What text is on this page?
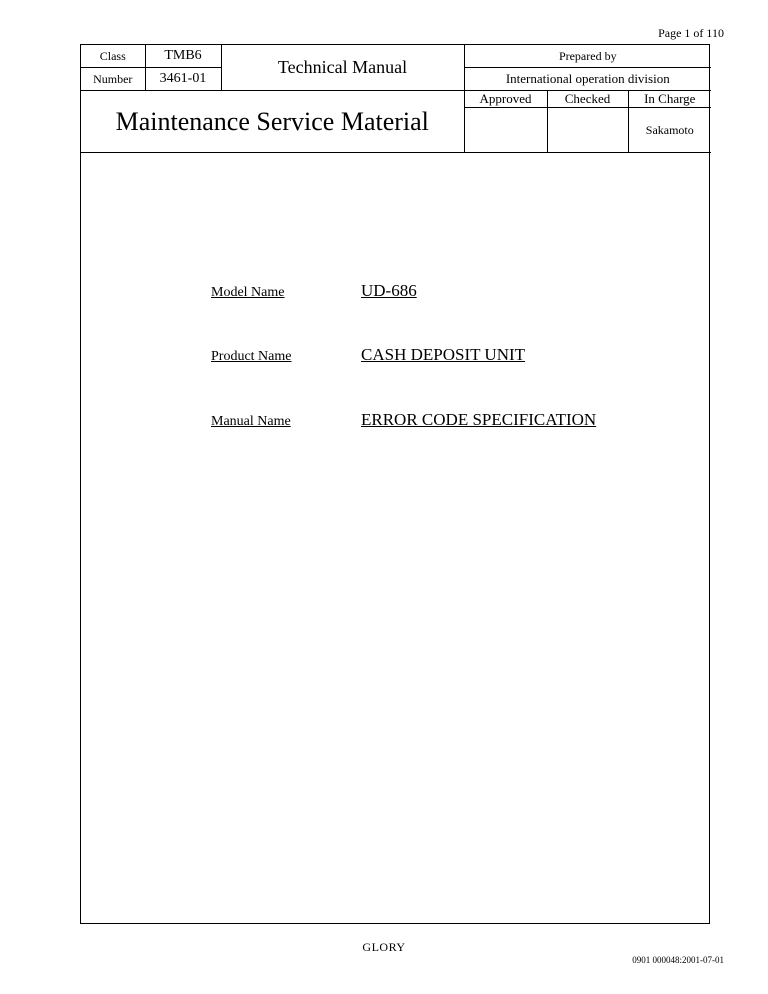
Page 1 of 110
Class	TMB6	Technical Manual	Prepared by		
Number	3461-01		International operation division		
Maintenance Service Material			Approved	Checked	In Charge
					Sakamoto
Model Name	UD-686
Product Name	CASH DEPOSIT UNIT
Manual Name	ERROR CODE SPECIFICATION
GLORY
0901 000048:2001-07-01
